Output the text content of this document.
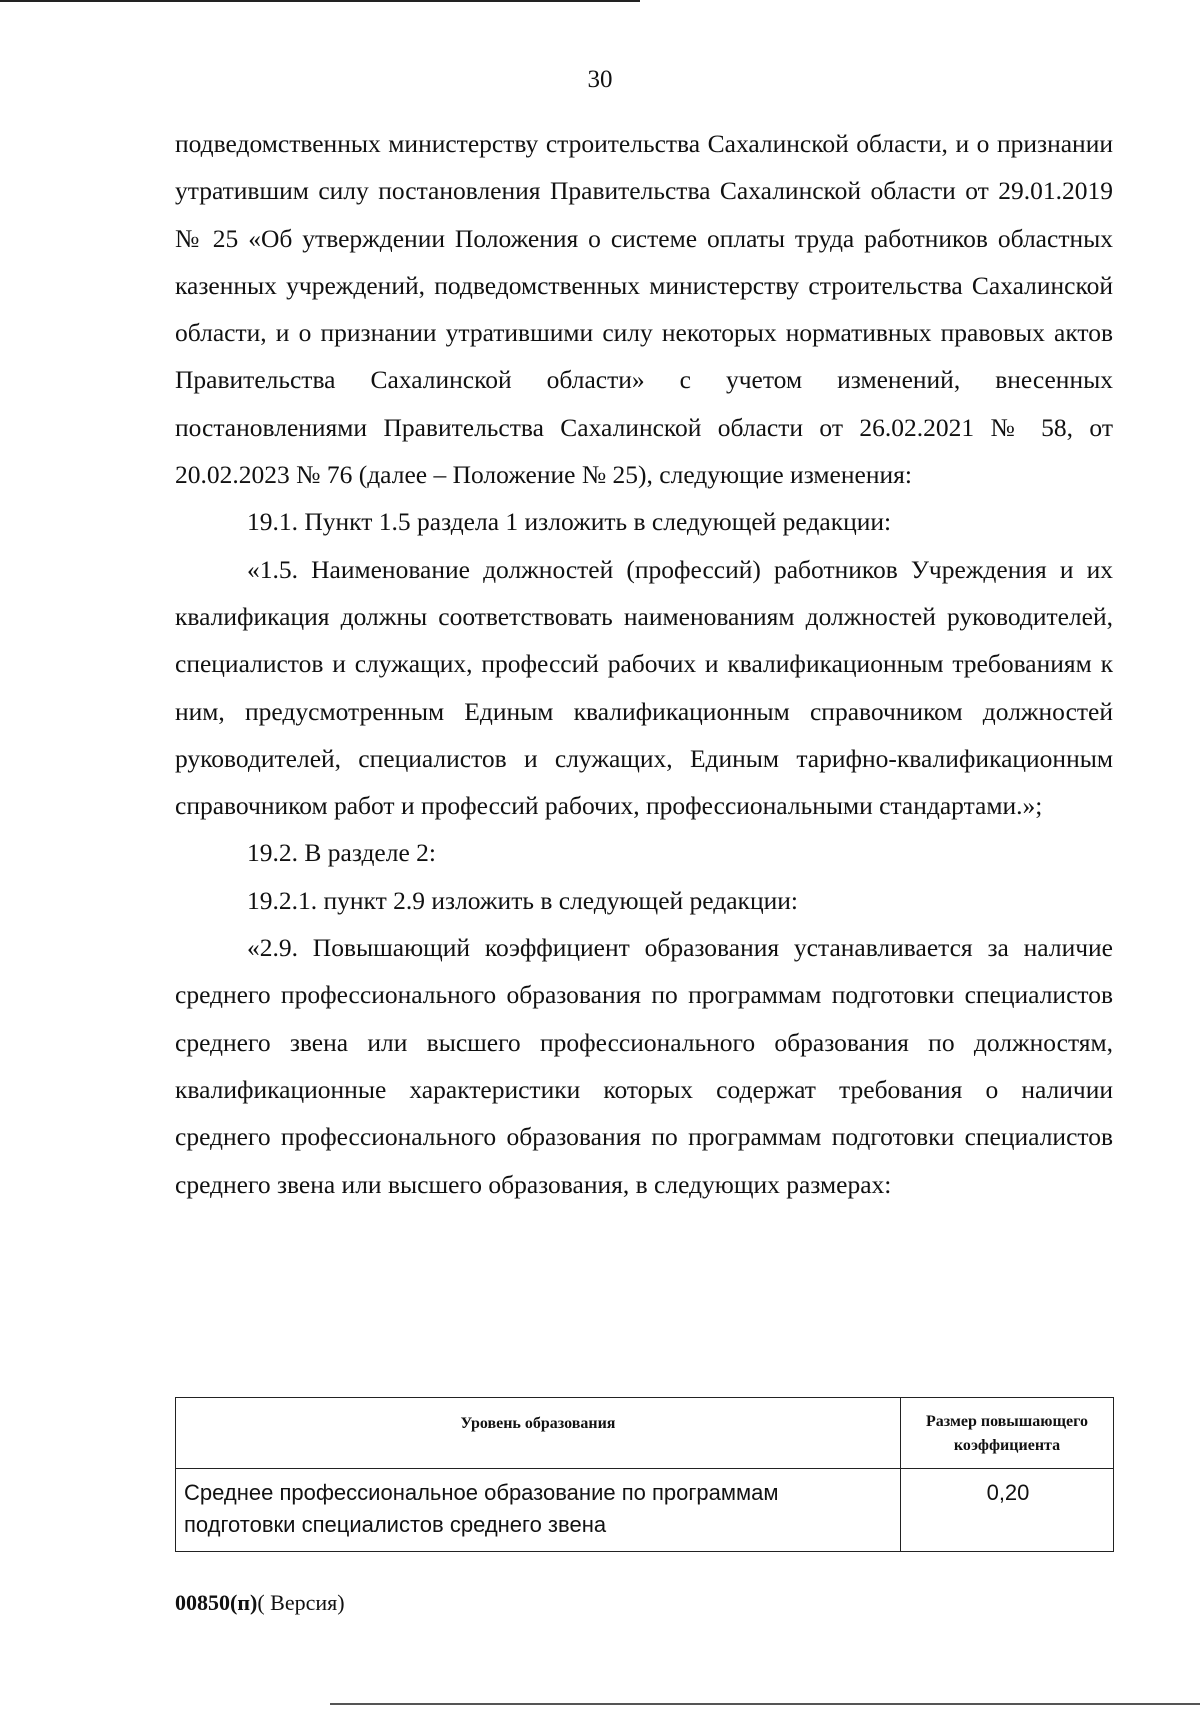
30

подведомственных министерству строительства Сахалинской области, и о признании утратившим силу постановления Правительства Сахалинской области от 29.01.2019 № 25 «Об утверждении Положения о системе оплаты труда работников областных казенных учреждений, подведомственных министерству строительства Сахалинской области, и о признании утратившими силу некоторых нормативных правовых актов Правительства Сахалинской области» с учетом изменений, внесенных постановлениями Правительства Сахалинской области от 26.02.2021 № 58, от 20.02.2023 № 76 (далее – Положение № 25), следующие изменения:

19.1. Пункт 1.5 раздела 1 изложить в следующей редакции:

«1.5. Наименование должностей (профессий) работников Учреждения и их квалификация должны соответствовать наименованиям должностей руководителей, специалистов и служащих, профессий рабочих и квалификационным требованиям к ним, предусмотренным Единым квалификационным справочником должностей руководителей, специалистов и служащих, Единым тарифно-квалификационным справочником работ и профессий рабочих, профессиональными стандартами.»;

19.2. В разделе 2:

19.2.1. пункт 2.9 изложить в следующей редакции:

«2.9. Повышающий коэффициент образования устанавливается за наличие среднего профессионального образования по программам подготовки специалистов среднего звена или высшего профессионального образования по должностям, квалификационные характеристики которых содержат требования о наличии среднего профессионального образования по программам подготовки специалистов среднего звена или высшего образования, в следующих размерах:

Уровень образования	Размер повышающего коэффициента
Среднее профессиональное образование по программам подготовки специалистов среднего звена	0,20
00850(п)( Версия)
